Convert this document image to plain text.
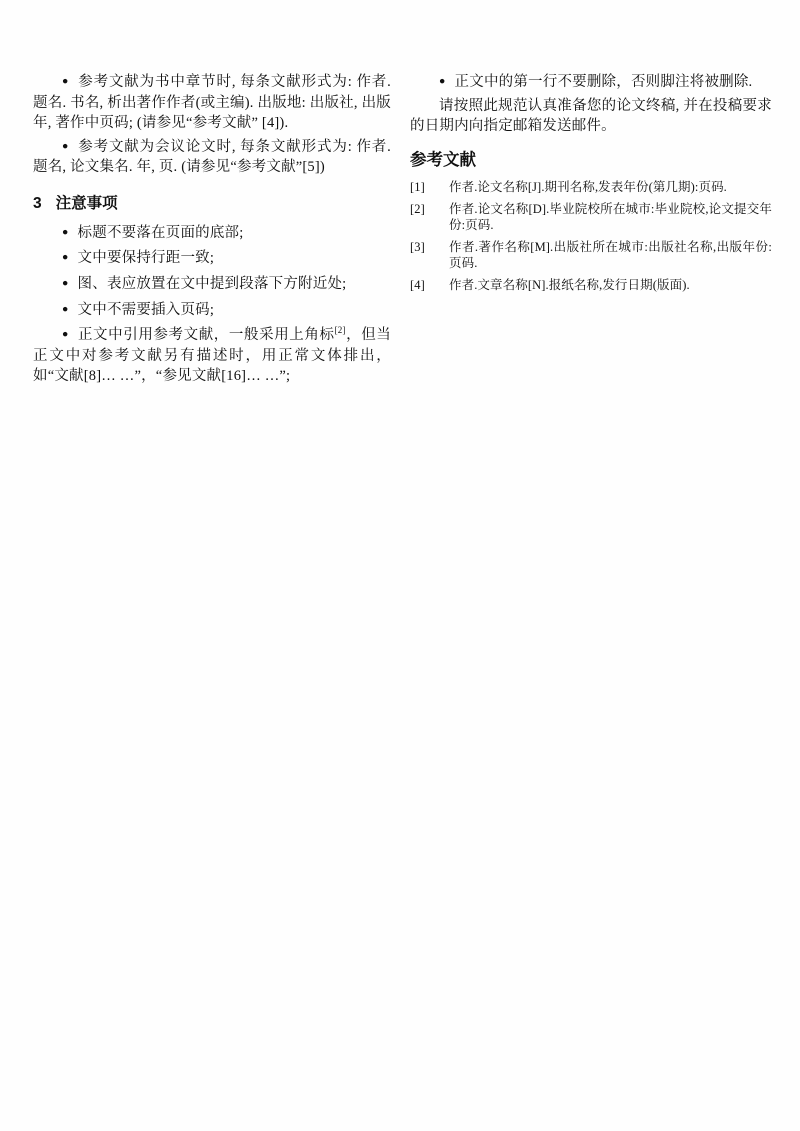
● 参考文献为书中章节时, 每条文献形式为: 作者. 题名. 书名, 析出著作作者(或主编). 出版地: 出版社, 出版年, 著作中页码; (请参见“参考文献” [4]).

● 参考文献为会议论文时, 每条文献形式为: 作者. 题名, 论文集名. 年, 页. (请参见“参考文献”[5])

3 注意事项

● 标题不要落在页面的底部;

● 文中要保持行距一致;

● 图、表应放置在文中提到段落下方附近处;

● 文中不需要插入页码;

● 正文中引用参考文献，一般采用上角标[2]，但当正文中对参考文献另有描述时，用正常文体排出，如“文献[8]… …”，“参见文献[16]… …”;

● 正文中的第一行不要删除，否则脚注将被删除.

请按照此规范认真准备您的论文终稿, 并在投稿要求的日期内向指定邮箱发送邮件。

参考文献
[1]	作者.论文名称[J].期刊名称,发表年份(第几期):页码.
[2]	作者.论文名称[D].毕业院校所在城市:毕业院校,论文提交年份:页码.
[3]	作者.著作名称[M].出版社所在城市:出版社名称,出版年份:页码.
[4]	作者.文章名称[N].报纸名称,发行日期(版面).
